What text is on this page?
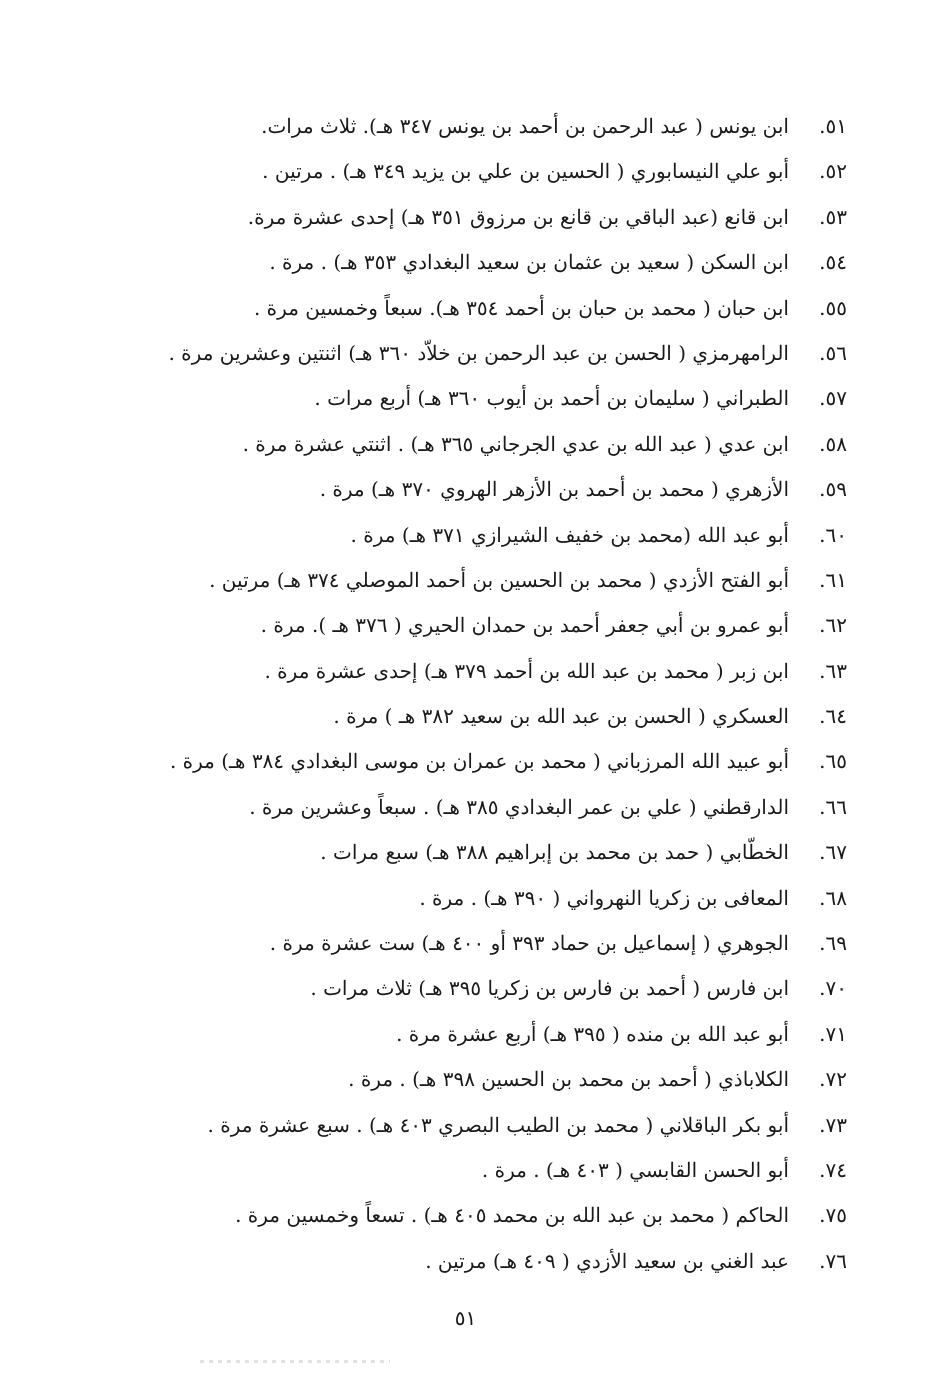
٥١.
ابن يونس ( عبد الرحمن بن أحمد بن يونس ٣٤٧ هـ). ثلاث مرات.
٥٢.
أبو علي النيسابوري ( الحسين بن علي بن يزيد ٣٤٩ هـ) . مرتين .
٥٣.
ابن قانع (عبد الباقي بن قانع بن مرزوق ٣٥١ هـ) إحدى عشرة مرة.
٥٤.
ابن السكن ( سعيد بن عثمان بن سعيد البغدادي ٣٥٣ هـ) . مرة .
٥٥.
ابن حبان ( محمد بن حبان بن أحمد ٣٥٤ هـ). سبعاً وخمسين مرة .
٥٦.
الرامهرمزي ( الحسن بن عبد الرحمن بن خلاّد ٣٦٠ هـ) اثنتين وعشرين مرة .
٥٧.
الطبراني ( سليمان بن أحمد بن أيوب ٣٦٠ هـ) أربع مرات .
٥٨.
ابن عدي ( عبد الله بن عدي الجرجاني ٣٦٥ هـ) . اثنتي عشرة مرة .
٥٩.
الأزهري ( محمد بن أحمد بن الأزهر الهروي ٣٧٠ هـ) مرة .
٦٠.
أبو عبد الله (محمد بن خفيف الشيرازي ٣٧١ هـ) مرة .
٦١.
أبو الفتح الأزدي ( محمد بن الحسين بن أحمد الموصلي ٣٧٤ هـ) مرتين .
٦٢.
أبو عمرو بن أبي جعفر أحمد بن حمدان الحيري ( ٣٧٦ هـ ). مرة .
٦٣.
ابن زبر ( محمد بن عبد الله بن أحمد ٣٧٩ هـ) إحدى عشرة مرة .
٦٤.
العسكري ( الحسن بن عبد الله بن سعيد ٣٨٢ هـ ) مرة .
٦٥.
أبو عبيد الله المرزباني ( محمد بن عمران بن موسى البغدادي ٣٨٤ هـ) مرة .
٦٦.
الدارقطني ( علي بن عمر البغدادي ٣٨٥ هـ) . سبعاً وعشرين مرة .
٦٧.
الخطّابي ( حمد بن محمد بن إبراهيم ٣٨٨ هـ) سبع مرات .
٦٨.
المعافى بن زكريا النهرواني ( ٣٩٠ هـ) . مرة .
٦٩.
الجوهري ( إسماعيل بن حماد ٣٩٣ أو ٤٠٠ هـ) ست عشرة مرة .
٧٠.
ابن فارس ( أحمد بن فارس بن زكريا ٣٩٥ هـ) ثلاث مرات .
٧١.
أبو عبد الله بن منده ( ٣٩٥ هـ) أربع عشرة مرة .
٧٢.
الكلاباذي ( أحمد بن محمد بن الحسين ٣٩٨ هـ) . مرة .
٧٣.
أبو بكر الباقلاني ( محمد بن الطيب البصري ٤٠٣ هـ) . سبع عشرة مرة .
٧٤.
أبو الحسن القابسي ( ٤٠٣ هـ) . مرة .
٧٥.
الحاكم ( محمد بن عبد الله بن محمد ٤٠٥ هـ) . تسعاً وخمسين مرة .
٧٦.
عبد الغني بن سعيد الأزدي ( ٤٠٩ هـ) مرتين .
٥١
